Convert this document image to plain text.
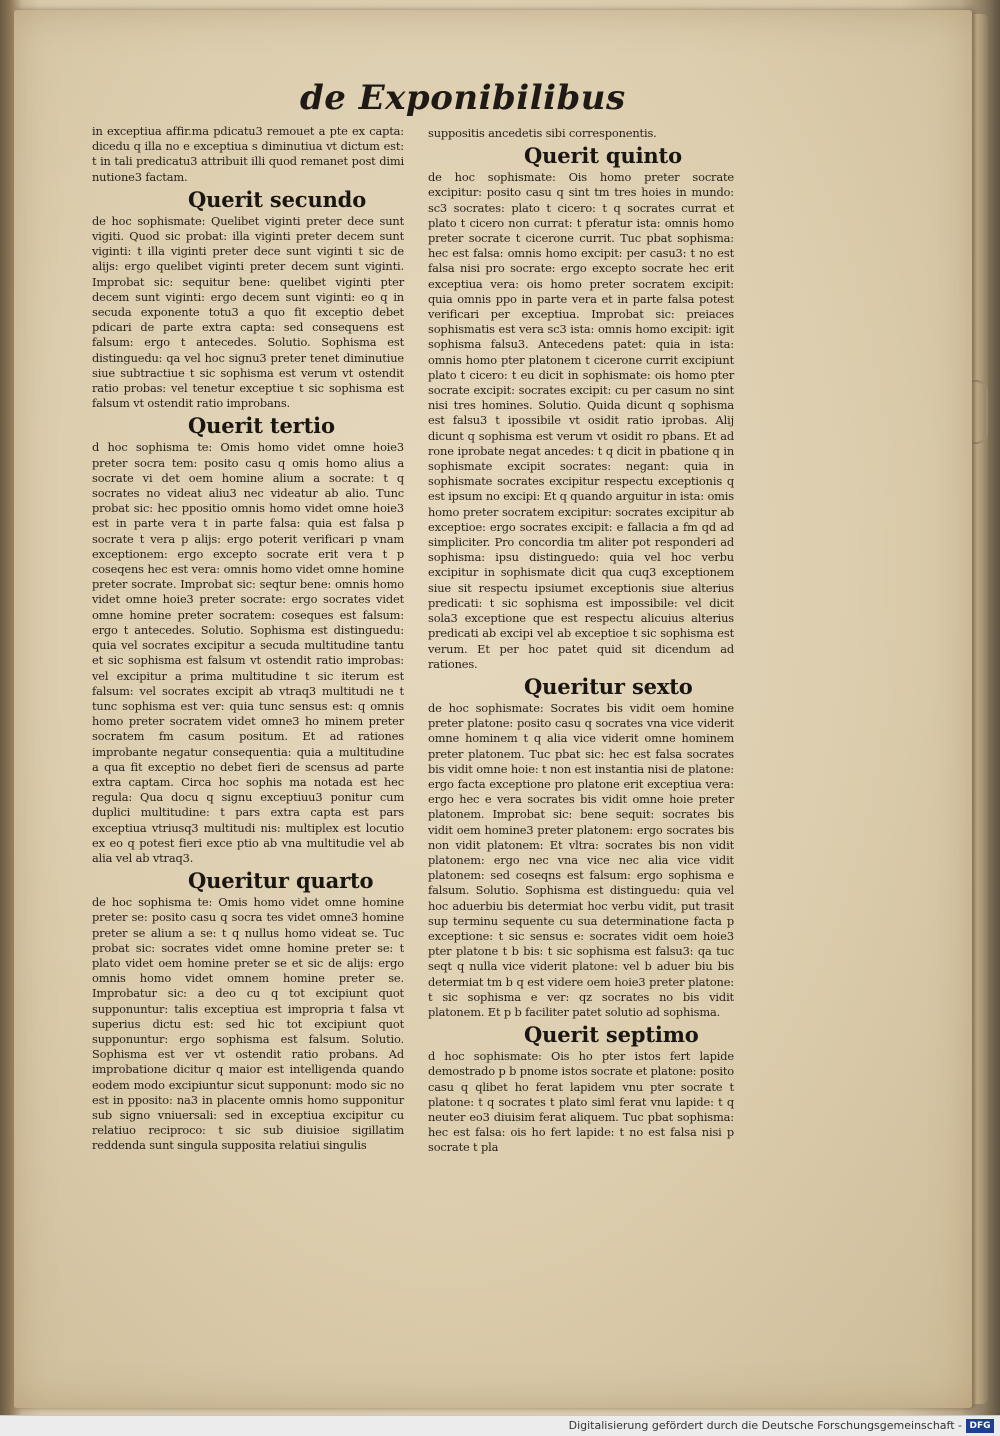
de Exponibilibus

in exceptiua affir.ma pdicatu3 remouet a pte ex capta: dicedu q illa no e exceptiua s diminutiua vt dictum est: t in tali predicatu3 attribuit illi quod remanet post dimi nutione3 factam.

Querit secundo

de hoc sophismate: Quelibet viginti preter dece sunt vigiti. Quod sic probat: illa viginti preter decem sunt viginti: t illa viginti preter dece sunt viginti t sic de alijs: ergo quelibet viginti preter decem sunt viginti. Improbat sic: sequitur bene: quelibet viginti pter decem sunt viginti: ergo decem sunt viginti: eo q in secuda exponente totu3 a quo fit exceptio debet pdicari de parte extra capta: sed consequens est falsum: ergo t antecedes. Solutio. Sophisma est distinguedu: qa vel hoc signu3 preter tenet diminutiue siue subtractiue t sic sophisma est verum vt ostendit ratio probas: vel tenetur exceptiue t sic sophisma est falsum vt ostendit ratio improbans.

Querit tertio

d hoc sophisma te: Omis homo videt omne hoie3 preter socra tem: posito casu q omis homo alius a socrate vi det oem homine alium a socrate: t q socrates no videat aliu3 nec videatur ab alio. Tunc probat sic: hec ppositio omnis homo videt omne hoie3 est in parte vera t in parte falsa: quia est falsa p socrate t vera p alijs: ergo poterit verificari p vnam exceptionem: ergo excepto socrate erit vera t p coseqens hec est vera: omnis homo videt omne homine preter socrate. Improbat sic: seqtur bene: omnis homo videt omne hoie3 preter socrate: ergo socrates videt omne homine preter socratem: coseques est falsum: ergo t antecedes. Solutio. Sophisma est distinguedu: quia vel socrates excipitur a secuda multitudine tantu et sic sophisma est falsum vt ostendit ratio improbas: vel excipitur a prima multitudine t sic iterum est falsum: vel socrates excipit ab vtraq3 multitudi ne t tunc sophisma est ver: quia tunc sensus est: q omnis homo preter socratem videt omne3 ho minem preter socratem fm casum positum. Et ad rationes improbante negatur consequentia: quia a multitudine a qua fit exceptio no debet fieri de scensus ad parte extra captam. Circa hoc sophis ma notada est hec regula: Qua docu q signu exceptiuu3 ponitur cum duplici multitudine: t pars extra capta est pars exceptiua vtriusq3 multitudi nis: multiplex est locutio ex eo q potest fieri exce ptio ab vna multitudie vel ab alia vel ab vtraq3.

Queritur quarto

de hoc sophisma te: Omis homo videt omne homine preter se: posito casu q socra tes videt omne3 homine preter se alium a se: t q nullus homo videat se. Tuc probat sic: socrates videt omne homine preter se: t plato videt oem homine preter se et sic de alijs: ergo omnis homo videt omnem homine preter se. Improbatur sic: a deo cu q tot excipiunt quot supponuntur: talis exceptiua est impropria t falsa vt superius dictu est: sed hic tot excipiunt quot supponuntur: ergo sophisma est falsum. Solutio. Sophisma est ver vt ostendit ratio probans. Ad improbatione dicitur q maior est intelligenda quando eodem modo excipiuntur sicut supponunt: modo sic no est in pposito: na3 in placente omnis homo supponitur sub signo vniuersali: sed in exceptiua excipitur cu relatiuo reciproco: t sic sub diuisioe sigillatim reddenda sunt singula supposita relatiui singulis

suppositis ancedetis sibi corresponentis.

Querit quinto

de hoc sophismate: Ois homo preter socrate excipitur: posito casu q sint tm tres hoies in mundo: sc3 socrates: plato t cicero: t q socrates currat et plato t cicero non currat: t pferatur ista: omnis homo preter socrate t cicerone currit. Tuc pbat sophisma: hec est falsa: omnis homo excipit: per casu3: t no est falsa nisi pro socrate: ergo excepto socrate hec erit exceptiua vera: ois homo preter socratem excipit: quia omnis ppo in parte vera et in parte falsa potest verificari per exceptiua. Improbat sic: preiaces sophismatis est vera sc3 ista: omnis homo excipit: igit sophisma falsu3. Antecedens patet: quia in ista: omnis homo pter platonem t cicerone currit excipiunt plato t cicero: t eu dicit in sophismate: ois homo pter socrate excipit: socrates excipit: cu per casum no sint nisi tres homines. Solutio. Quida dicunt q sophisma est falsu3 t ipossibile vt osidit ratio iprobas. Alij dicunt q sophisma est verum vt osidit ro pbans. Et ad rone iprobate negat ancedes: t q dicit in pbatione q in sophismate excipit socrates: negant: quia in sophismate socrates excipitur respectu exceptionis q est ipsum no excipi: Et q quando arguitur in ista: omis homo preter socratem excipitur: socrates excipitur ab exceptioe: ergo socrates excipit: e fallacia a fm qd ad simpliciter. Pro concordia tm aliter pot responderi ad sophisma: ipsu distinguedo: quia vel hoc verbu excipitur in sophismate dicit qua cuq3 exceptionem siue sit respectu ipsiumet exceptionis siue alterius predicati: t sic sophisma est impossibile: vel dicit sola3 exceptione que est respectu alicuius alterius predicati ab excipi vel ab exceptioe t sic sophisma est verum. Et per hoc patet quid sit dicendum ad rationes.

Queritur sexto

de hoc sophismate: Socrates bis vidit oem homine preter platone: posito casu q socrates vna vice viderit omne hominem t q alia vice viderit omne hominem preter platonem. Tuc pbat sic: hec est falsa socrates bis vidit omne hoie: t non est instantia nisi de platone: ergo facta exceptione pro platone erit exceptiua vera: ergo hec e vera socrates bis vidit omne hoie preter platonem. Improbat sic: bene sequit: socrates bis vidit oem homine3 preter platonem: ergo socrates bis non vidit platonem: Et vltra: socrates bis non vidit platonem: ergo nec vna vice nec alia vice vidit platonem: sed coseqns est falsum: ergo sophisma e falsum. Solutio. Sophisma est distinguedu: quia vel hoc aduerbiu bis determiat hoc verbu vidit, put trasit sup terminu sequente cu sua determinatione facta p exceptione: t sic sensus e: socrates vidit oem hoie3 pter platone t b bis: t sic sophisma est falsu3: qa tuc seqt q nulla vice viderit platone: vel b aduer biu bis determiat tm b q est videre oem hoie3 preter platone: t sic sophisma e ver: qz socrates no bis vidit platonem. Et p b faciliter patet solutio ad sophisma.

Querit septimo

d hoc sophismate: Ois ho pter istos fert lapide demostrado p b pnome istos socrate et platone: posito casu q qlibet ho ferat lapidem vnu pter socrate t platone: t q socrates t plato siml ferat vnu lapide: t q neuter eo3 diuisim ferat aliquem. Tuc pbat sophisma: hec est falsa: ois ho fert lapide: t no est falsa nisi p socrate t pla

Digitalisierung gefördert durch die Deutsche Forschungsgemeinschaft - DFG
